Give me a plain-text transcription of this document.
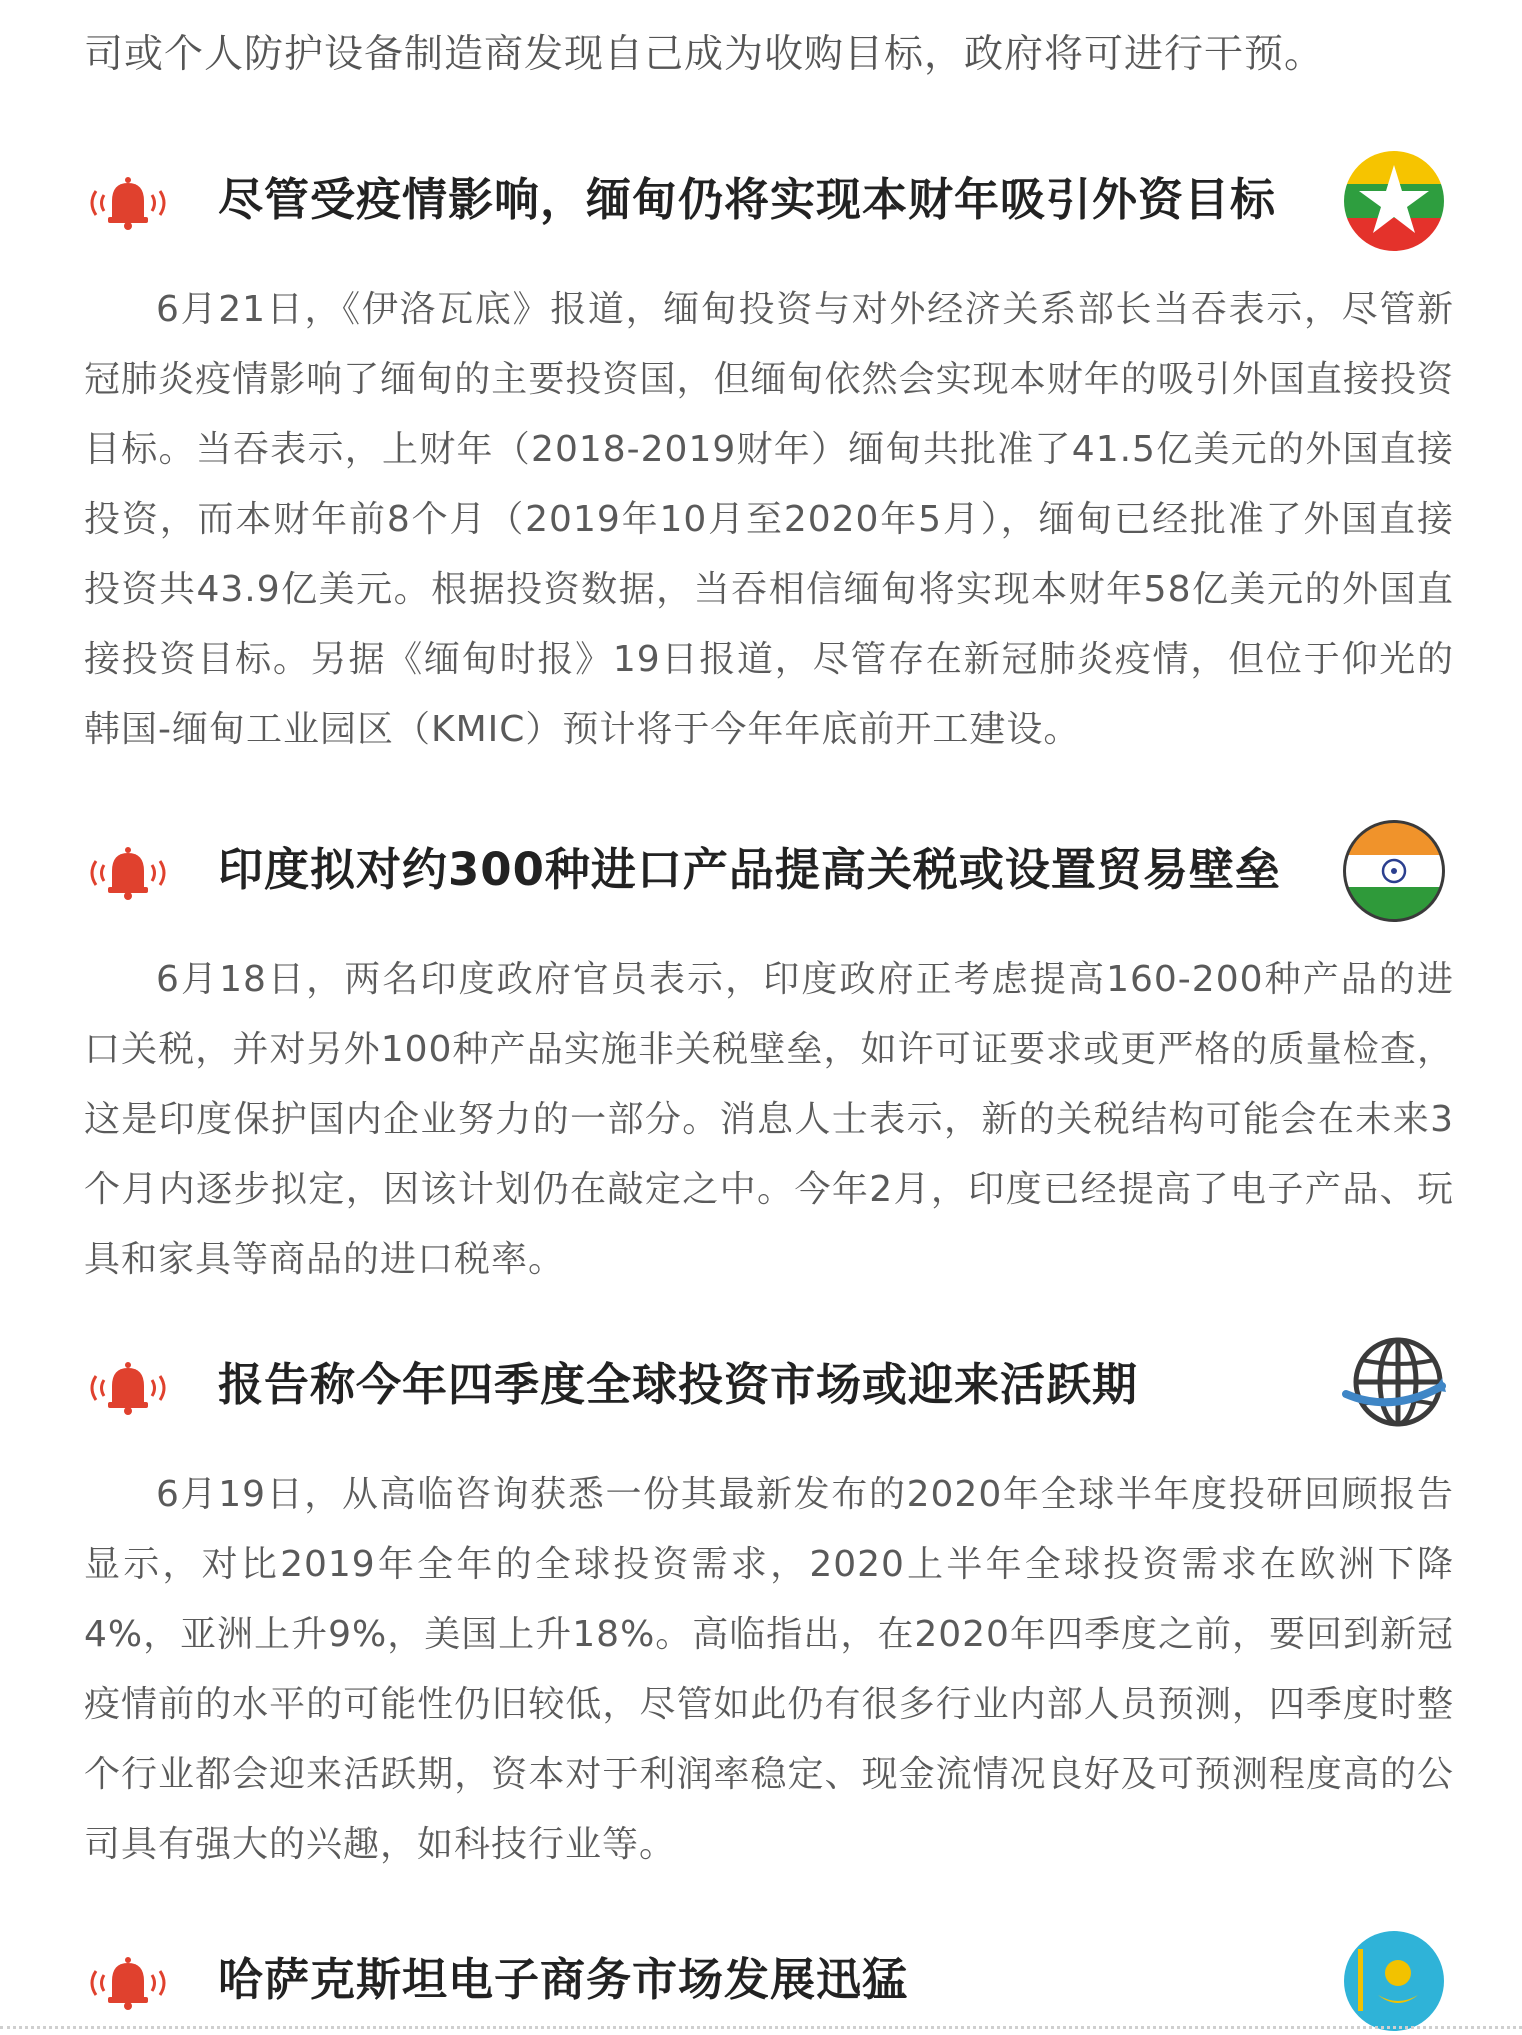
司或个人防护设备制造商发现自己成为收购目标，政府将可进行干预。

尽管受疫情影响，缅甸仍将实现本财年吸引外资目标

6月21日，《伊洛瓦底》报道，缅甸投资与对外经济关系部长当吞表示，尽管新冠肺炎疫情影响了缅甸的主要投资国，但缅甸依然会实现本财年的吸引外国直接投资目标。当吞表示，上财年（2018-2019财年）缅甸共批准了41.5亿美元的外国直接投资，而本财年前8个月（2019年10月至2020年5月），缅甸已经批准了外国直接投资共43.9亿美元。根据投资数据，当吞相信缅甸将实现本财年58亿美元的外国直接投资目标。另据《缅甸时报》19日报道，尽管存在新冠肺炎疫情，但位于仰光的韩国-缅甸工业园区（KMIC）预计将于今年年底前开工建设。

印度拟对约300种进口产品提高关税或设置贸易壁垒

6月18日，两名印度政府官员表示，印度政府正考虑提高160-200种产品的进口关税，并对另外100种产品实施非关税壁垒，如许可证要求或更严格的质量检查，这是印度保护国内企业努力的一部分。消息人士表示，新的关税结构可能会在未来3个月内逐步拟定，因该计划仍在敲定之中。今年2月，印度已经提高了电子产品、玩具和家具等商品的进口税率。

报告称今年四季度全球投资市场或迎来活跃期

6月19日，从高临咨询获悉一份其最新发布的2020年全球半年度投研回顾报告显示，对比2019年全年的全球投资需求，2020上半年全球投资需求在欧洲下降4%，亚洲上升9%，美国上升18%。高临指出，在2020年四季度之前，要回到新冠疫情前的水平的可能性仍旧较低，尽管如此仍有很多行业内部人员预测，四季度时整个行业都会迎来活跃期，资本对于利润率稳定、现金流情况良好及可预测程度高的公司具有强大的兴趣，如科技行业等。

哈萨克斯坦电子商务市场发展迅猛
